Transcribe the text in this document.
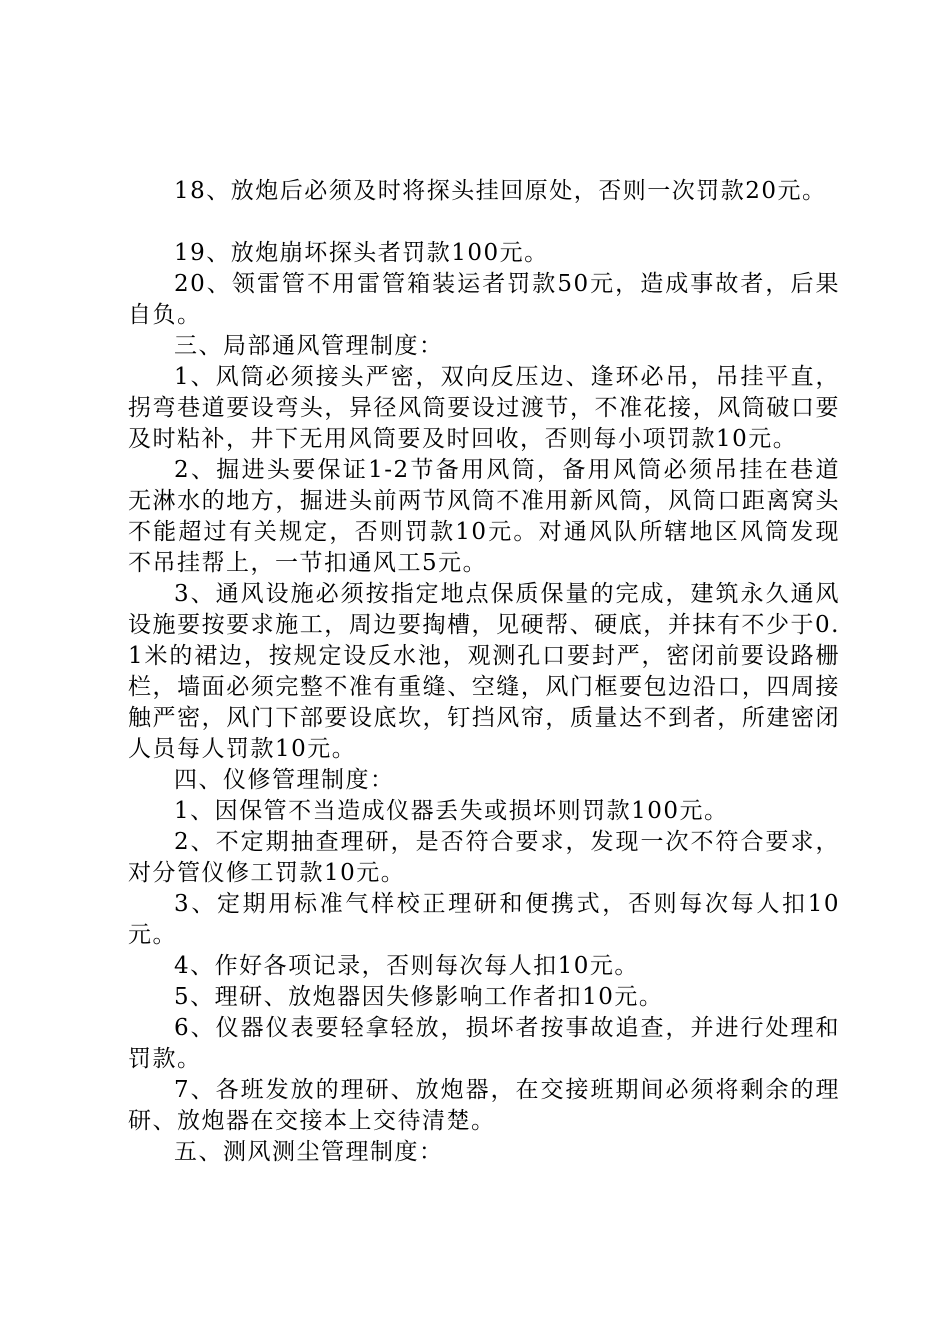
18、放炮后必须及时将探头挂回原处，否则一次罚款20元。

19、放炮崩坏探头者罚款100元。

20、领雷管不用雷管箱装运者罚款50元，造成事故者，后果自负。

三、局部通风管理制度：

1、风筒必须接头严密，双向反压边、逢环必吊，吊挂平直，拐弯巷道要设弯头，异径风筒要设过渡节，不准花接，风筒破口要及时粘补，井下无用风筒要及时回收，否则每小项罚款10元。

2、掘进头要保证1-2节备用风筒，备用风筒必须吊挂在巷道无淋水的地方，掘进头前两节风筒不准用新风筒，风筒口距离窝头不能超过有关规定，否则罚款10元。对通风队所辖地区风筒发现不吊挂帮上，一节扣通风工5元。

3、通风设施必须按指定地点保质保量的完成，建筑永久通风设施要按要求施工，周边要掏槽，见硬帮、硬底，并抹有不少于0.1米的裙边，按规定设反水池，观测孔口要封严，密闭前要设路栅栏，墙面必须完整不准有重缝、空缝，风门框要包边沿口，四周接触严密，风门下部要设底坎，钉挡风帘，质量达不到者，所建密闭人员每人罚款10元。

四、仪修管理制度：

1、因保管不当造成仪器丢失或损坏则罚款100元。

2、不定期抽查理研，是否符合要求，发现一次不符合要求，对分管仪修工罚款10元。

3、定期用标准气样校正理研和便携式，否则每次每人扣10元。

4、作好各项记录，否则每次每人扣10元。

5、理研、放炮器因失修影响工作者扣10元。

6、仪器仪表要轻拿轻放，损坏者按事故追查，并进行处理和罚款。

7、各班发放的理研、放炮器，在交接班期间必须将剩余的理研、放炮器在交接本上交待清楚。

五、测风测尘管理制度：
